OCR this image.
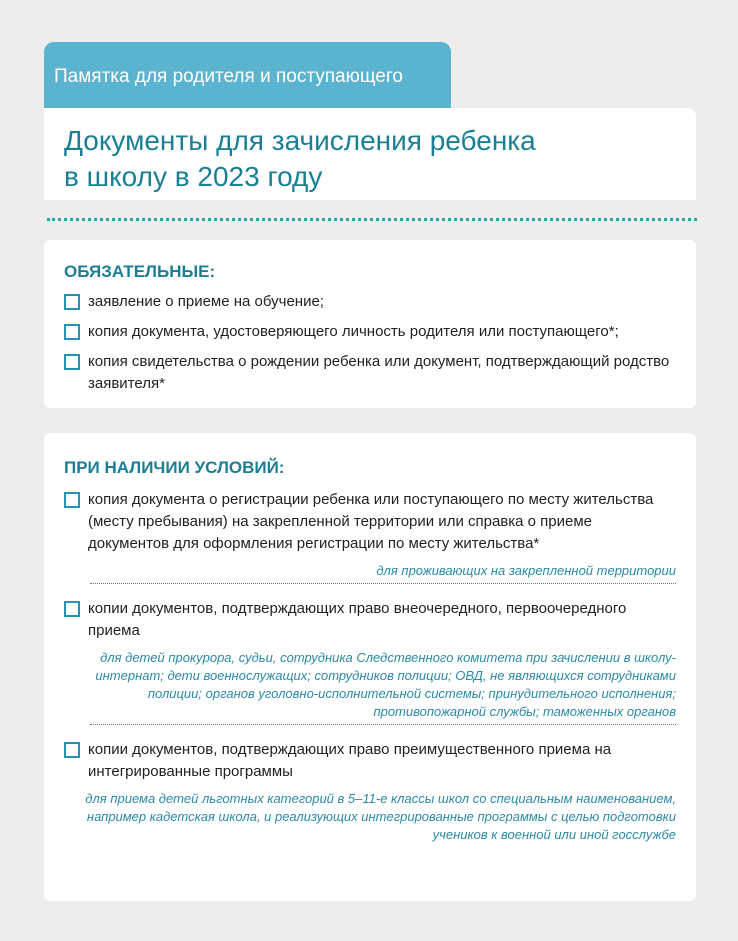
Памятка для родителя и поступающего
Документы для зачисления ребенка
в школу в 2023 году
ОБЯЗАТЕЛЬНЫЕ:
заявление о приеме на обучение;
копия документа, удостоверяющего личность родителя или поступающего*;
копия свидетельства о рождении ребенка или документ, подтверждающий родство заявителя*
ПРИ НАЛИЧИИ УСЛОВИЙ:
копия документа о регистрации ребенка или поступающего по месту жительства (месту пребывания) на закрепленной территории или справка о приеме документов для оформления регистрации по месту жительства*
для проживающих на закрепленной территории
копии документов, подтверждающих право внеочередного, первоочередного приема
для детей прокурора, судьи, сотрудника Следственного комитета при зачислении в школу-интернат; дети военнослужащих; сотрудников полиции; ОВД, не являющихся сотрудниками полиции; органов уголовно-исполнительной системы; принудительного исполнения; противопожарной службы; таможенных органов
копии документов, подтверждающих право преимущественного приема на интегрированные программы
для приема детей льготных категорий в 5–11-е классы школ со специальным наименованием, например кадетская школа, и реализующих интегрированные программы с целью подготовки учеников к военной или иной госслужбе
